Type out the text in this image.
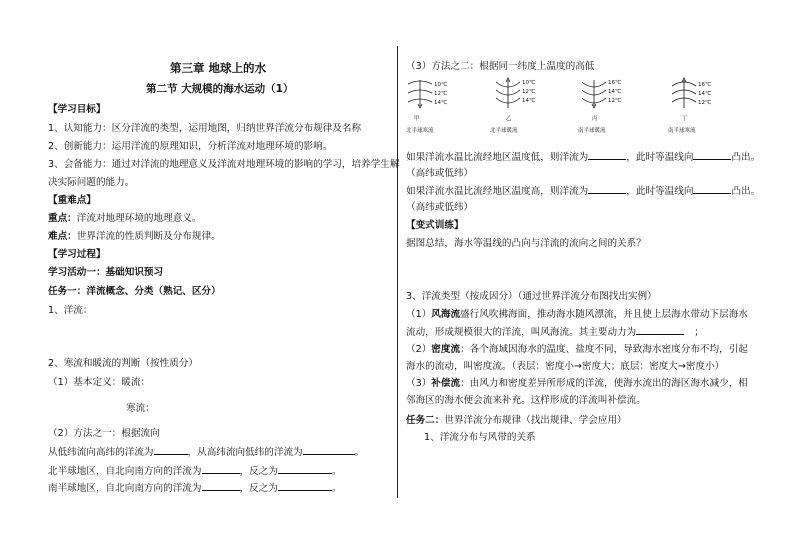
第三章 地球上的水
第二节 大规模的海水运动（1）
【学习目标】
1、认知能力：区分洋流的类型，运用地图，归纳世界洋流分布规律及名称
2、创新能力：运用洋流的原理知识，分析洋流对地理环境的影响。
3、会备能力：通过对洋流的地理意义及洋流对地理环境的影响的学习，培养学生解
决实际问题的能力。
【重难点】
重点：洋流对地理环境的地理意义。
难点：世界洋流的性质判断及分布规律。
【学习过程】
学习活动一：基础知识预习
任务一：洋流概念、分类（熟记、区分）
1、洋流：
2、寒流和暖流的判断（按性质分）
（1）基本定义：暖流：
寒流：
（2）方法之一：根据流向
从低纬流向高纬的洋流为	，从高纬流向低纬的洋流为	。
北半球地区，自北向南方向的洋流为	，反之为	。
南半球地区，自北向南方向的洋流为	，反之为	。
（3）方法之二：根据同一纬度上温度的高低
10℃
12℃
14℃
甲
北半球寒流
10℃
12℃
14℃
乙
北半球暖流
16℃
14℃
12℃
丙
南半球暖流
16℃
14℃
12℃
丁
南半球寒流
如果洋流水温比流经地区温度低，则洋流为	，此时等温线向	凸出。
（高纬或低纬）
如果洋流水温比流经地区温度高，则洋流为	，此时等温线向	凸出。
（高纬或低纬）
【变式训练】
据图总结，海水等温线的凸向与洋流的流向之间的关系？
3、洋流类型（按成因分）（通过世界洋流分布图找出实例）
（1）风海流盛行风吹拂海面，推动海水随风漂流，并且使上层海水带动下层海水
流动，形成规模很大的洋流，叫风海流。其主要动力为	；
（2）密度流：各个海域因海水的温度、盐度不同，导致海水密度分布不均，引起
海水的流动，叫密度流。（表层：密度小→密度大；底层：密度大→密度小）
（3）补偿流：由风力和密度差异所形成的洋流，使海水流出的海区海水减少，相
邻海区的海水便会流来补充。这样形成的洋流叫补偿流。
任务二：世界洋流分布规律（找出规律、学会应用）
1、洋流分布与风带的关系
